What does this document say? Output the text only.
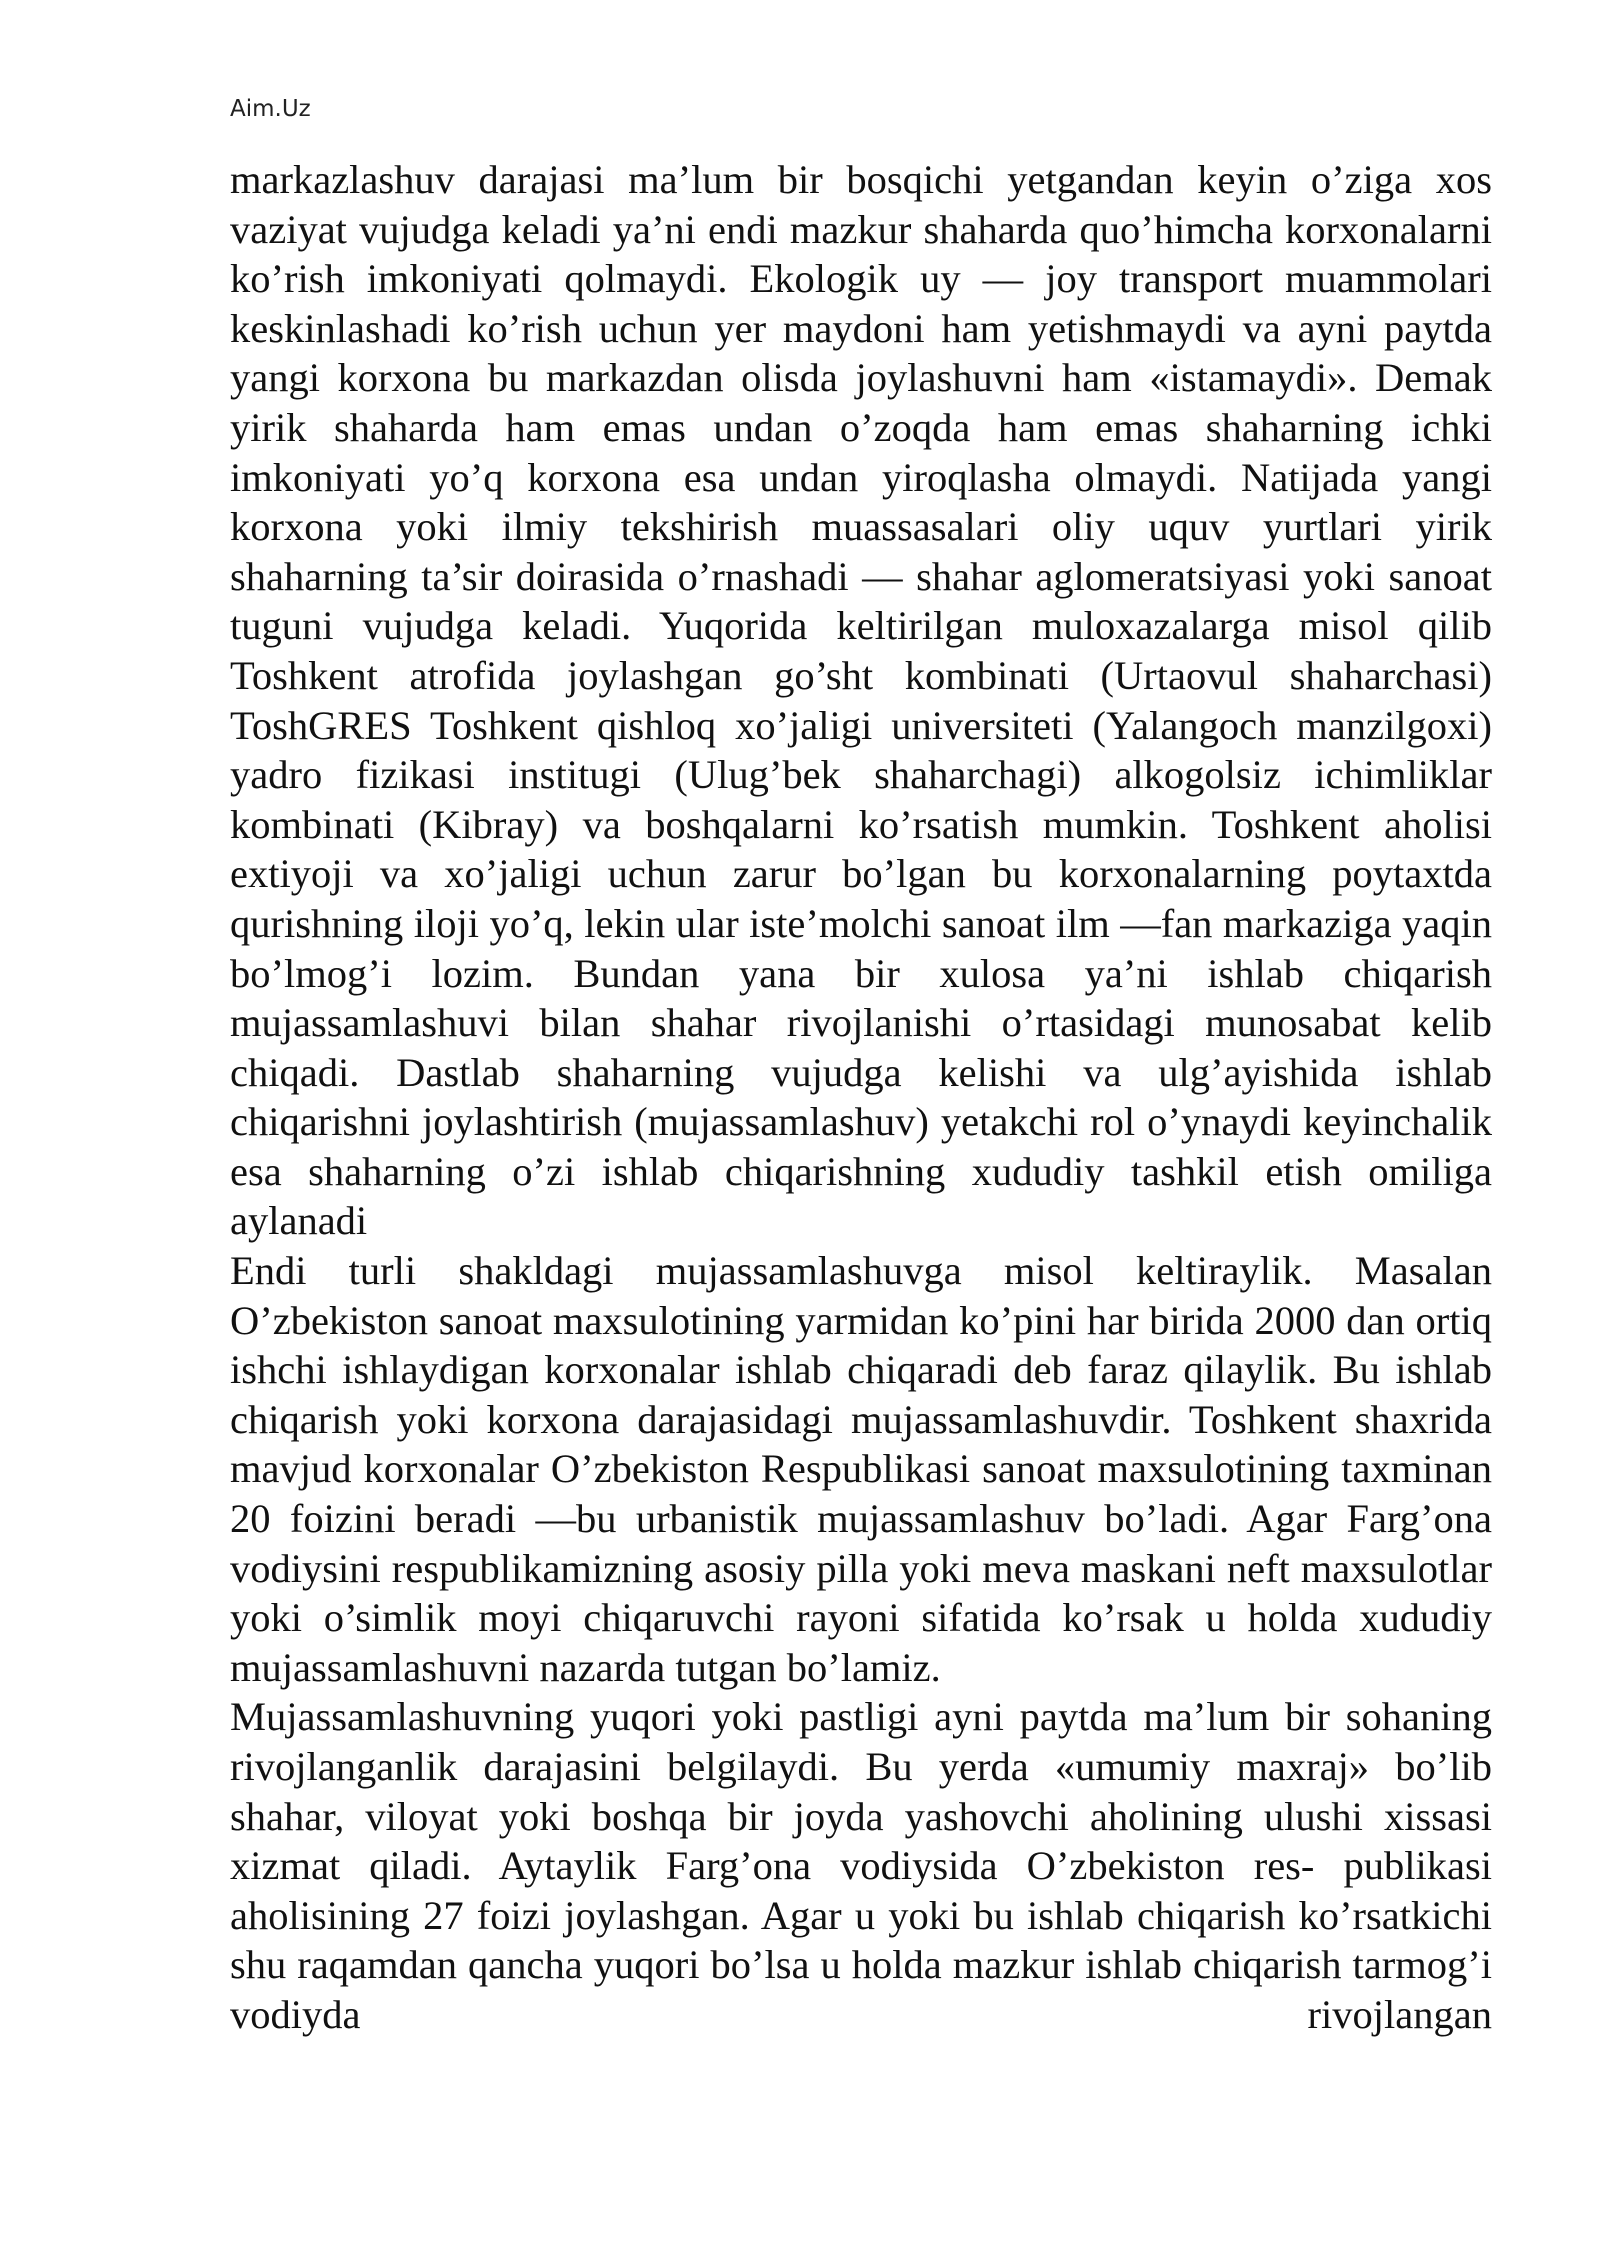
Aim.Uz

markazlashuv darajasi ma’lum bir bosqichi yetgandan keyin o’ziga xos vaziyat vujudga keladi ya’ni endi mazkur shaharda quo’himcha korxonalarni ko’rish imkoniyati qolmaydi. Ekologik uy — joy transport muammolari keskinlashadi ko’rish uchun yer maydoni ham yetishmaydi va ayni paytda yangi korxona bu markazdan olisda joylashuvni ham «istamaydi». Demak yirik shaharda ham emas undan o’zoqda ham emas shaharning ichki imkoniyati yo’q korxona esa undan yiroqlasha olmaydi. Natijada yangi korxona yoki ilmiy tekshirish muassasalari oliy uquv yurtlari yirik shaharning ta’sir doirasida o’rnashadi — shahar aglomeratsiyasi yoki sanoat tuguni vujudga keladi. Yuqorida keltirilgan muloxazalarga misol qilib Toshkent atrofida joylashgan go’sht kombinati (Urtaovul shaharchasi) ToshGRES Toshkent qishloq xo’jaligi universiteti (Yalangoch manzilgoxi) yadro fizikasi institugi (Ulug’bek shaharchagi) alkogolsiz ichimliklar kombinati (Kibray) va boshqalarni ko’rsatish mumkin. Toshkent aholisi extiyoji va xo’jaligi uchun zarur bo’lgan bu korxonalarning poytaxtda qurishning iloji yo’q, lekin ular iste’molchi sanoat ilm —fan markaziga yaqin bo’lmog’i lozim. Bundan yana bir xulosa ya’ni ishlab chiqarish mujassamlashuvi bilan shahar rivojlanishi o’rtasidagi munosabat kelib chiqadi. Dastlab shaharning vujudga kelishi va ulg’ayishida ishlab chiqarishni joylashtirish (mujassamlashuv) yetakchi rol o’ynaydi keyinchalik esa shaharning o’zi ishlab chiqarishning xududiy tashkil etish omiliga aylanadi

Endi turli shakldagi mujassamlashuvga misol keltiraylik. Masalan O’zbekiston sanoat maxsulotining yarmidan ko’pini har birida 2000 dan ortiq ishchi ishlaydigan korxonalar ishlab chiqaradi deb faraz qilaylik. Bu ishlab chiqarish yoki korxona darajasidagi mujassamlashuvdir. Toshkent shaxrida mavjud korxonalar O’zbekiston Respublikasi sanoat maxsulotining taxminan 20 foizini beradi —bu urbanistik mujassamlashuv bo’ladi. Agar Farg’ona vodiysini respublikamizning asosiy pilla yoki meva maskani neft maxsulotlar yoki o’simlik moyi chiqaruvchi rayoni sifatida ko’rsak u holda xududiy mujassamlashuvni nazarda tutgan bo’lamiz.

Mujassamlashuvning yuqori yoki pastligi ayni paytda ma’lum bir sohaning rivojlanganlik darajasini belgilaydi. Bu yerda «umumiy maxraj» bo’lib shahar, viloyat yoki boshqa bir joyda yashovchi aholining ulushi xissasi xizmat qiladi. Aytaylik Farg’ona vodiysida O’zbekiston res- publikasi aholisining 27 foizi joylashgan. Agar u yoki bu ishlab chiqarish ko’rsatkichi shu raqamdan qancha yuqori bo’lsa u holda mazkur ishlab chiqarish tarmog’i vodiyda rivojlangan
